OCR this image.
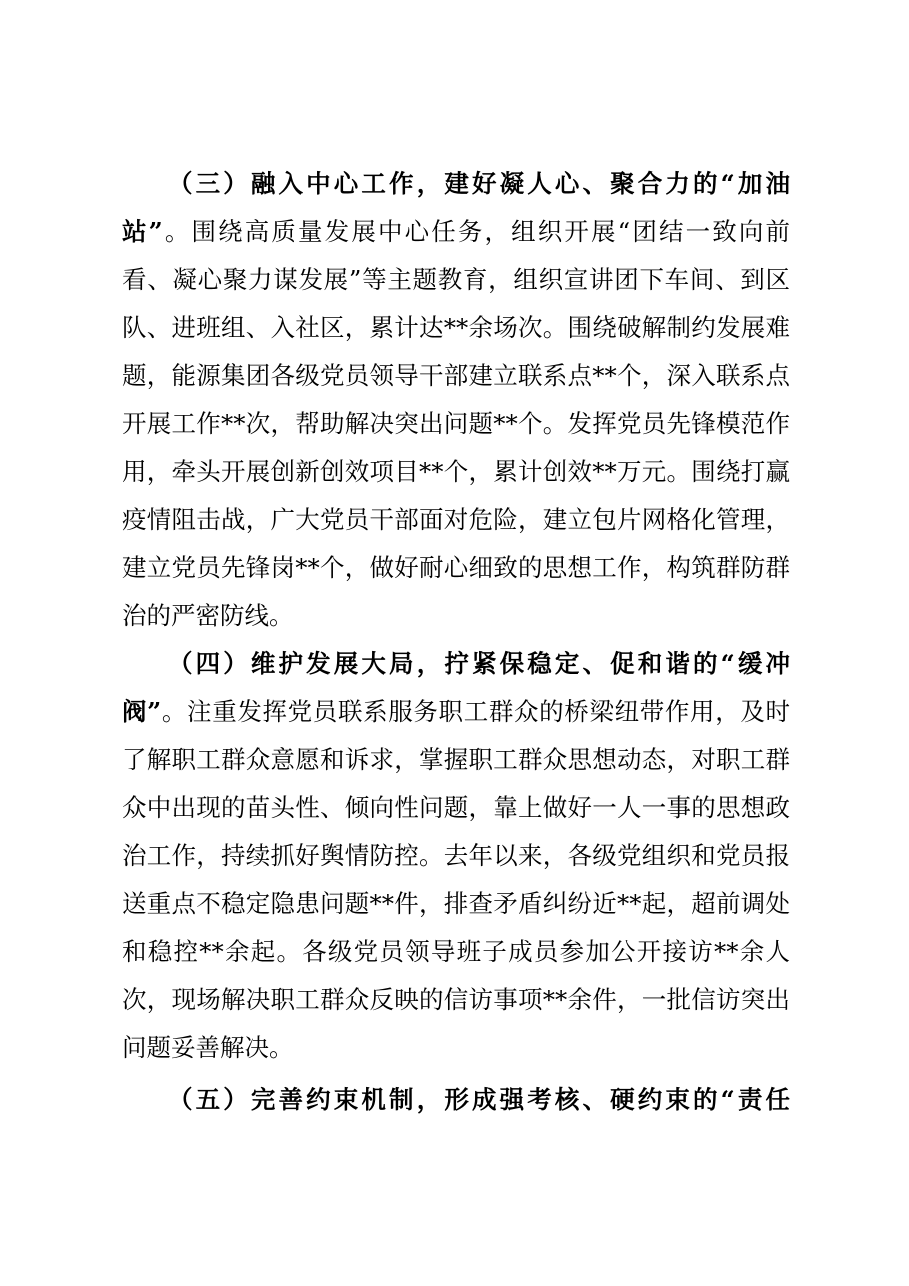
（三）融入中心工作，建好凝人心、聚合力的“加油
站”。围绕高质量发展中心任务，组织开展“团结一致向前
看、凝心聚力谋发展”等主题教育，组织宣讲团下车间、到区
队、进班组、入社区，累计达**余场次。围绕破解制约发展难
题，能源集团各级党员领导干部建立联系点**个，深入联系点
开展工作**次，帮助解决突出问题**个。发挥党员先锋模范作
用，牵头开展创新创效项目**个，累计创效**万元。围绕打赢
疫情阻击战，广大党员干部面对危险，建立包片网格化管理，
建立党员先锋岗**个，做好耐心细致的思想工作，构筑群防群
治的严密防线。
（四）维护发展大局，拧紧保稳定、促和谐的“缓冲
阀”。注重发挥党员联系服务职工群众的桥梁纽带作用，及时
了解职工群众意愿和诉求，掌握职工群众思想动态，对职工群
众中出现的苗头性、倾向性问题，靠上做好一人一事的思想政
治工作，持续抓好舆情防控。去年以来，各级党组织和党员报
送重点不稳定隐患问题**件，排查矛盾纠纷近**起，超前调处
和稳控**余起。各级党员领导班子成员参加公开接访**余人
次，现场解决职工群众反映的信访事项**余件，一批信访突出
问题妥善解决。
（五）完善约束机制，形成强考核、硬约束的“责任
